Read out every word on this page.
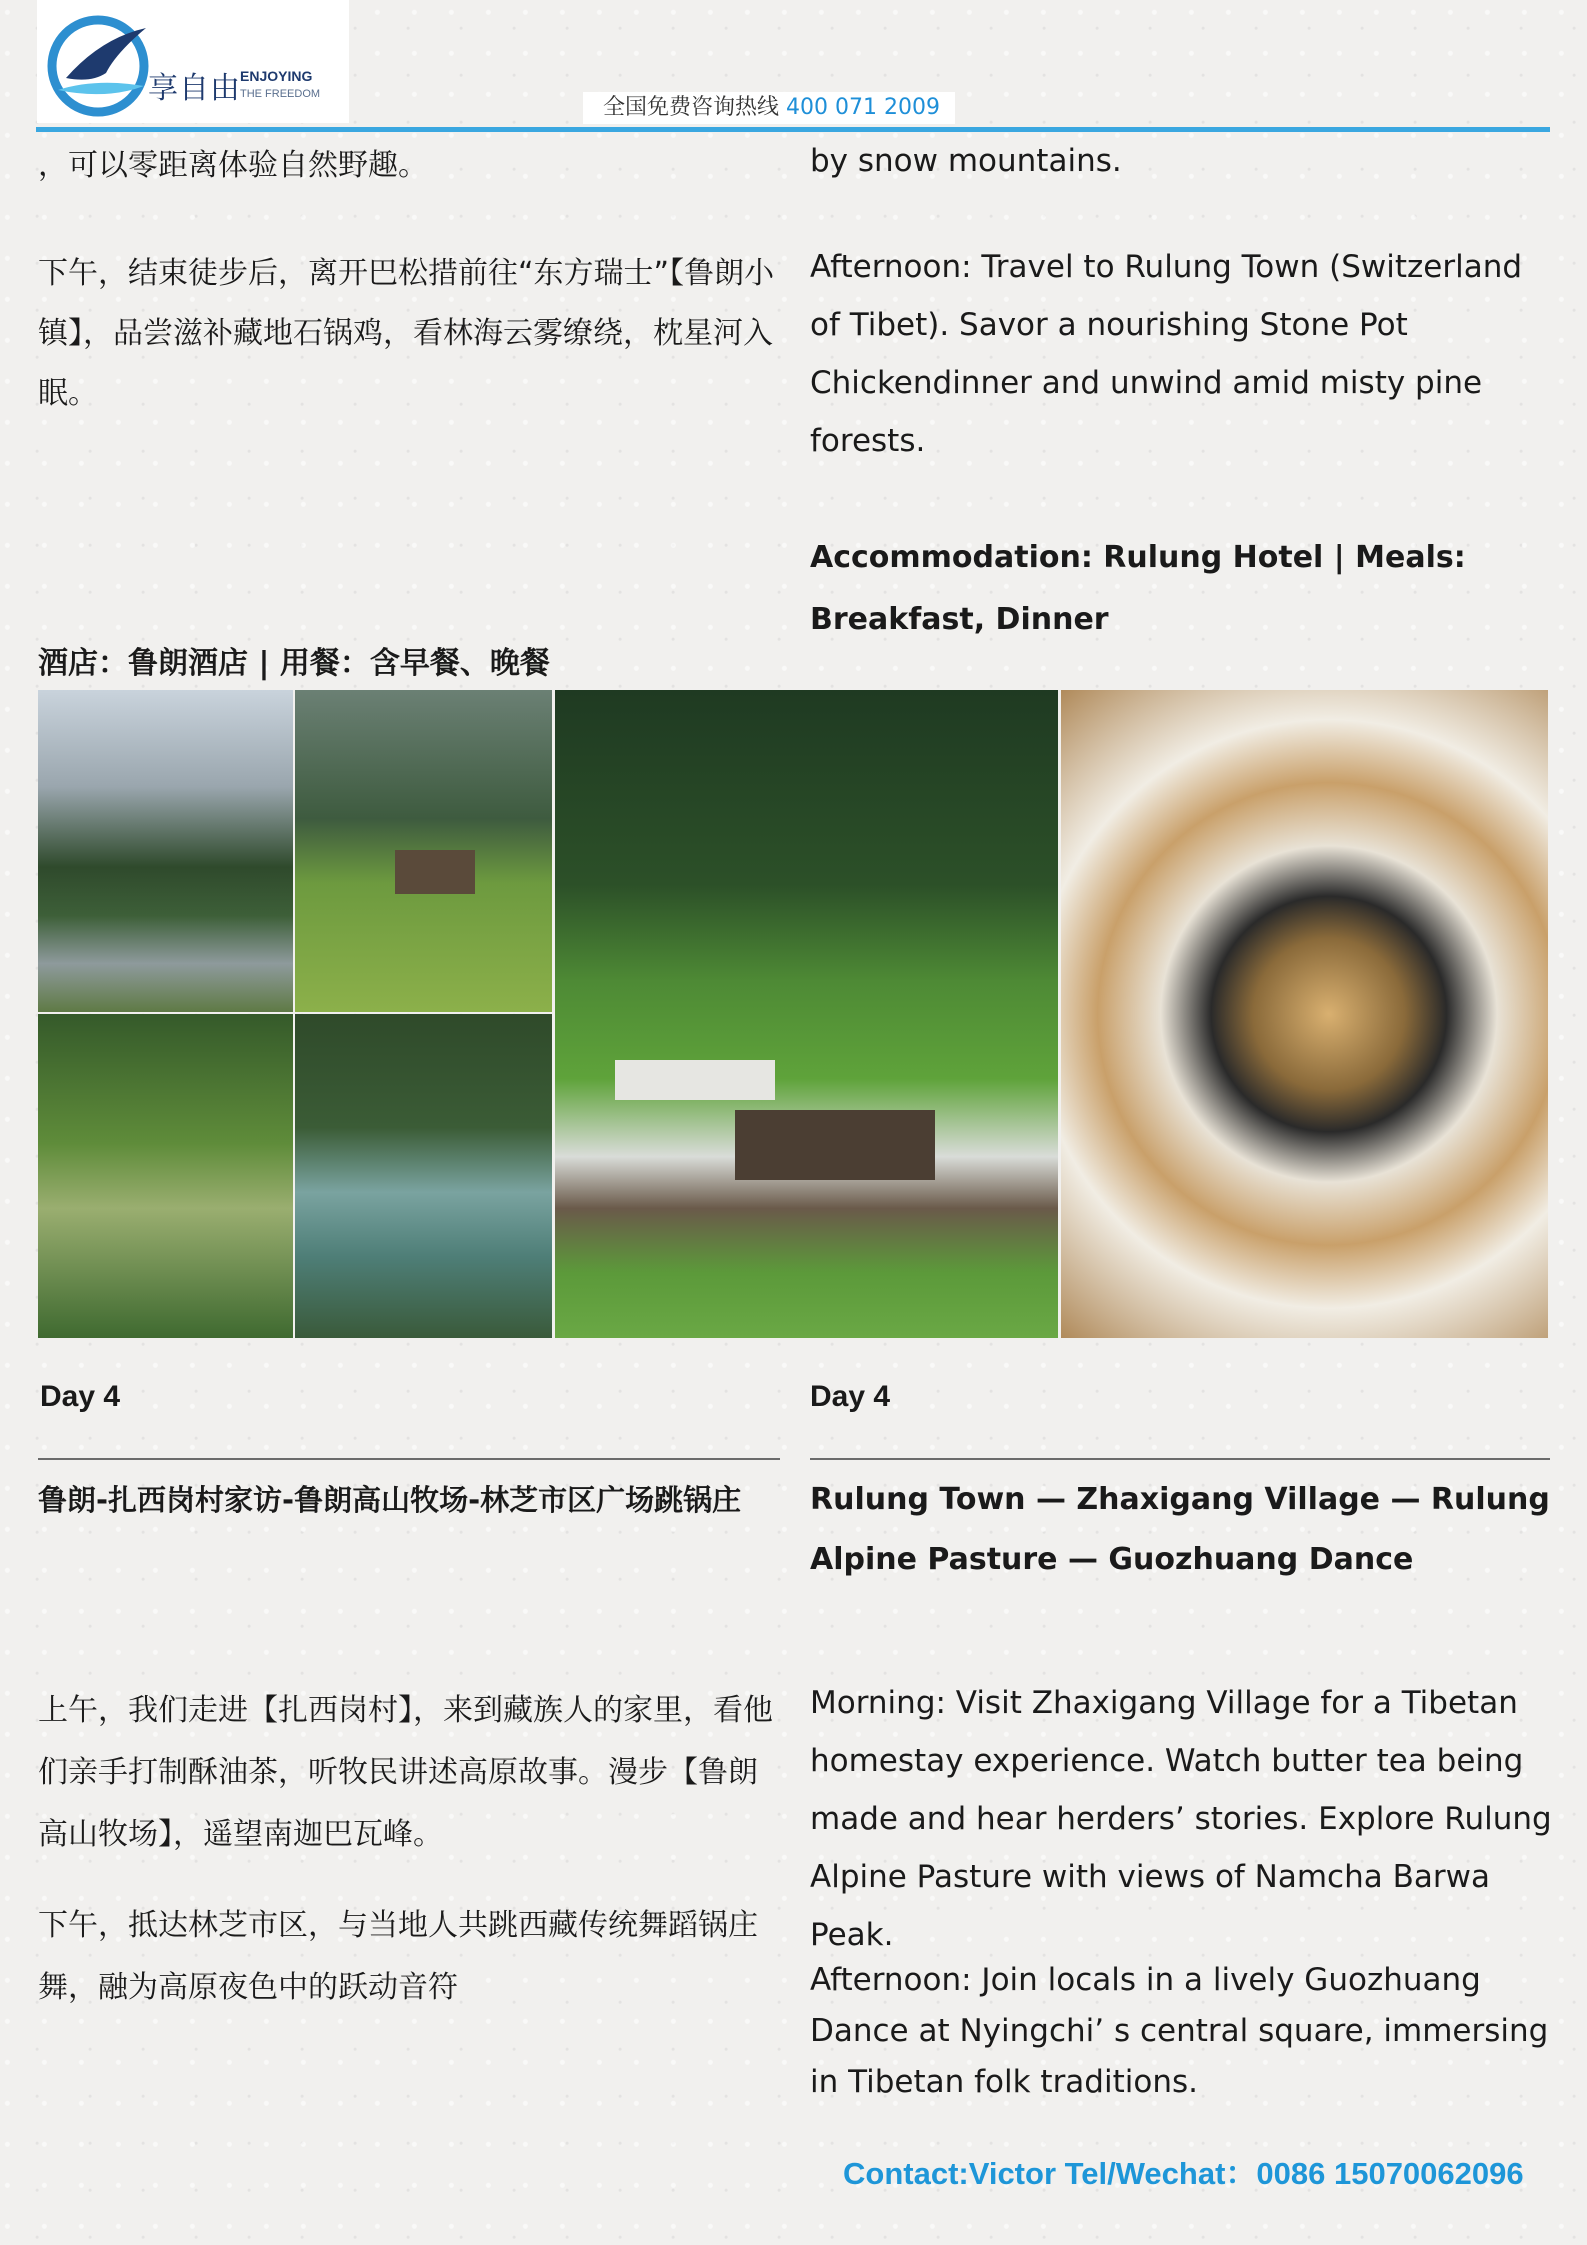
享自由 ENJOYING
THE FREEDOM
全国免费咨询热线 400 071 2009
，可以零距离体验自然野趣。
下午，结束徒步后，离开巴松措前往“东方瑞士”【鲁朗小镇】，品尝滋补藏地石锅鸡，看林海云雾缭绕，枕星河入眠。
酒店：鲁朗酒店 | 用餐：含早餐、晚餐
by snow mountains.
Afternoon: Travel to Rulung Town (Switzerland of Tibet). Savor a nourishing Stone Pot Chickendinner and unwind amid misty pine forests.
Accommodation: Rulung Hotel | Meals: Breakfast, Dinner
Day 4	Day 4
鲁朗-扎西岗村家访-鲁朗高山牧场-林芝市区广场跳锅庄	Rulung Town — Zhaxigang Village — Rulung Alpine Pasture — Guozhuang Dance
上午，我们走进【扎西岗村】，来到藏族人的家里，看他们亲手打制酥油茶，听牧民讲述高原故事。漫步【鲁朗高山牧场】，遥望南迦巴瓦峰。
Morning: Visit Zhaxigang Village for a Tibetan homestay experience. Watch butter tea being made and hear herders’ stories. Explore Rulung Alpine Pasture with views of Namcha Barwa Peak.
下午，抵达林芝市区，与当地人共跳西藏传统舞蹈锅庄舞，融为高原夜色中的跃动音符	Afternoon: Join locals in a lively Guozhuang Dance at Nyingchi’ s central square, immersing in Tibetan folk traditions.
Contact:Victor Tel/Wechat：0086 15070062096
